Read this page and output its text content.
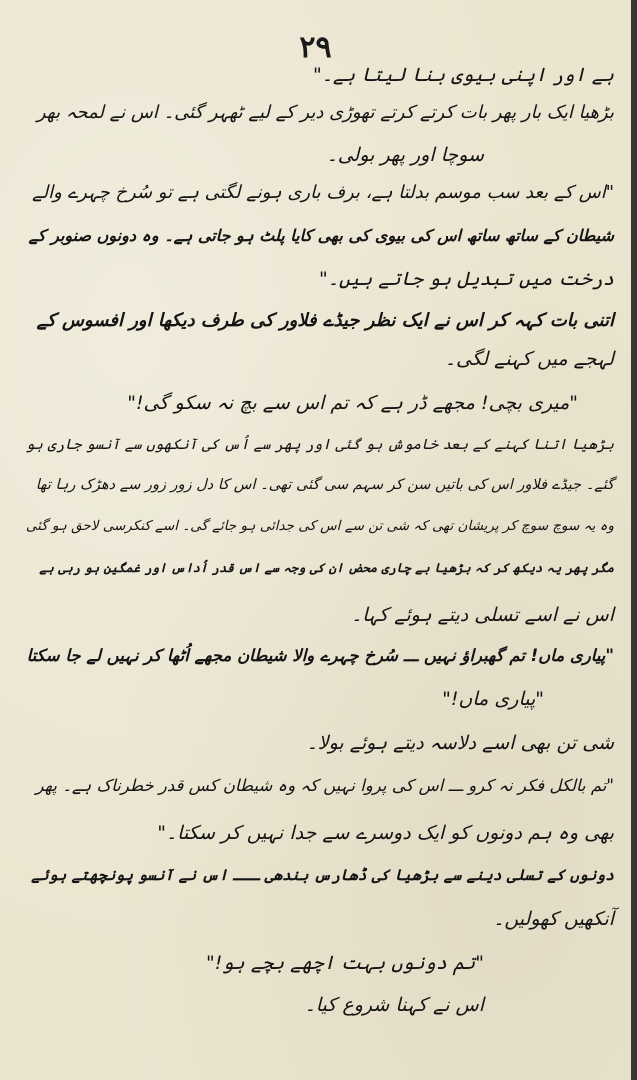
۲۹
ہے اور اپنی بیوی بنا لیتا ہے۔"
بڑھیا ایک بار پھر بات کرتے کرتے تھوڑی دیر کے لیے ٹھہر گئی۔ اس نے لمحہ بھر
سوچا اور پھر بولی۔
"اس کے بعد سب موسم بدلتا ہے، برف باری ہونے لگتی ہے تو سُرخ چہرے والے
شیطان کے ساتھ ساتھ اس کی بیوی کی بھی کایا پلٹ ہو جاتی ہے۔ وہ دونوں صنوبر کے
درخت میں تبدیل ہو جاتے ہیں۔"
اتنی بات کہہ کر اس نے ایک نظر جیڈے فلاور کی طرف دیکھا اور افسوس کے
لہجے میں کہنے لگی۔
"میری بچی! مجھے ڈر ہے کہ تم اس سے بچ نہ سکو گی!"
بڑھیا اتنا کہنے کے بعد خاموش ہو گئی اور پھر سے اُس کی آنکھوں سے آنسو جاری ہو
گئے۔ جیڈے فلاور اس کی باتیں سن کر سہم سی گئی تھی۔ اس کا دل زور زور سے دھڑک رہا تھا
وہ یہ سوچ سوچ کر پریشان تھی کہ شی تن سے اس کی جدائی ہو جائے گی۔ اسے کنکرسی لاحق ہو گئی
مگر پھر یہ دیکھ کر کہ بڑھیا بے چاری محض ان کی وجہ سے اس قدر اُداس اور غمگین ہو رہی ہے
اس نے اسے تسلی دیتے ہوئے کہا۔
"پیاری ماں! تم گھبراؤ نہیں ـــ سُرخ چہرے والا شیطان مجھے اُٹھا کر نہیں لے جا سکتا
"پیاری ماں!"
شی تن بھی اسے دلاسہ دیتے ہوئے بولا۔
"تم بالکل فکر نہ کرو ـــ اس کی پروا نہیں کہ وہ شیطان کس قدر خطرناک ہے۔ پھر
بھی وہ ہم دونوں کو ایک دوسرے سے جدا نہیں کر سکتا۔"
دونوں کے تسلی دینے سے بڑھیا کی ڈھارس بندھی ـــ اس نے آنسو پونچھتے ہوئے
آنکھیں کھولیں۔
"تم دونوں بہت اچھے بچے ہو!"
اس نے کہنا شروع کیا۔
